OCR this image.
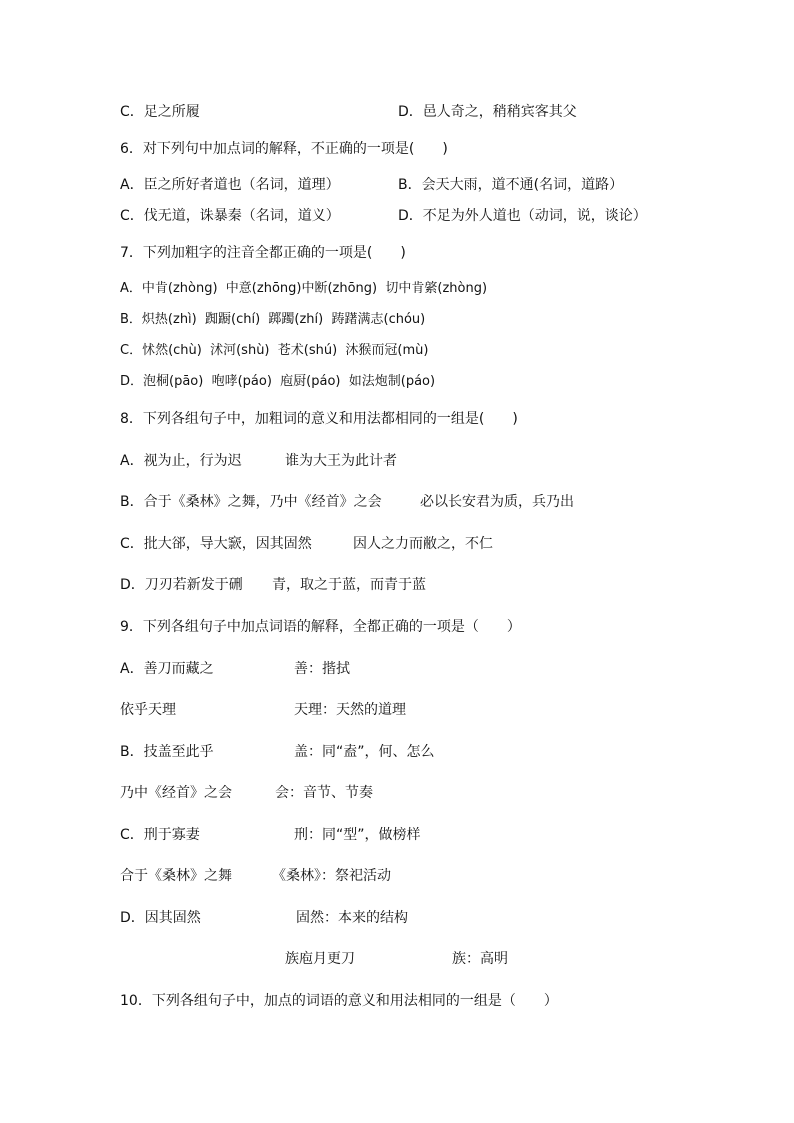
C．足之所履	D．邑人奇之，稍稍宾客其父
6．对下列句中加点词的解释，不正确的一项是(　　)
A．臣之所好者道也（名词，道理）	B．会天大雨，道不通(名词，道路）
C．伐无道，诛暴秦（名词，道义）	D．不足为外人道也（动词，说，谈论）
7．下列加粗字的注音全都正确的一项是(　　)
A．中肯(zhòng)  中意(zhōng)中断(zhōng)  切中肯綮(zhòng)
B．炽热(zhì)  踟蹰(chí)  踯躅(zhí)  踌躇满志(chóu)
C．怵然(chù)  沭河(shù)  苍术(shú)  沐猴而冠(mù)
D．泡桐(pāo)  咆哮(páo)  庖厨(páo)  如法炮制(páo)
8．下列各组句子中，加粗词的意义和用法都相同的一组是(　　)
A．视为止，行为迟	谁为大王为此计者
B．合于《桑林》之舞，乃中《经首》之会	必以长安君为质，兵乃出
C．批大郤，导大窾，因其固然	因人之力而敝之，不仁
D．刀刃若新发于硎 青，取之于蓝，而青于蓝
9．下列各组句子中加点词语的解释，全都正确的一项是（　　）
A．善刀而藏之	善：揩拭
依乎天理	天理：天然的道理
B．技盖至此乎	盖：同“盍”，何、怎么
乃中《经首》之会	会：音节、节奏
C．刑于寡妻	刑：同“型”，做榜样
合于《桑林》之舞	《桑林》：祭祀活动
D．因其固然	固然：本来的结构
族庖月更刀	族：高明
10．下列各组句子中，加点的词语的意义和用法相同的一组是（　　）
